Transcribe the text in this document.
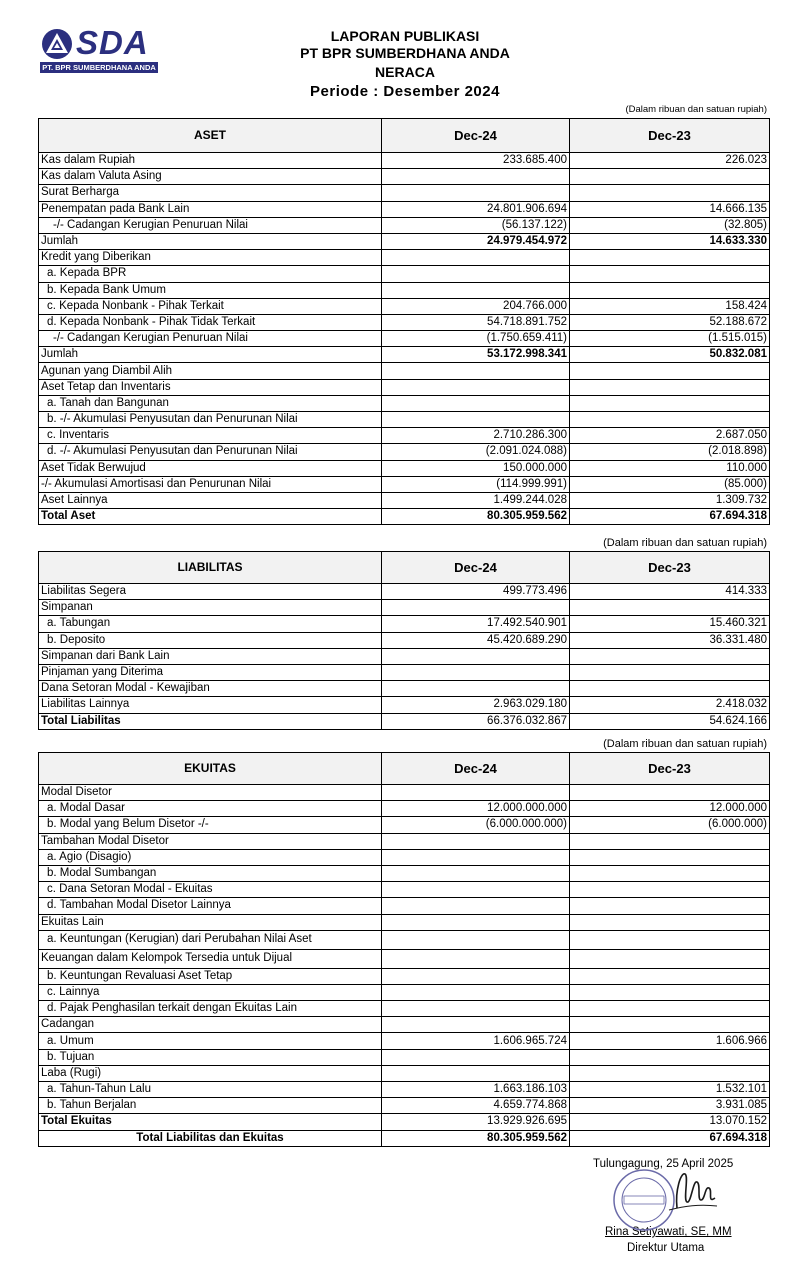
SDA
PT. BPR SUMBERDHANA ANDA
LAPORAN PUBLIKASI
PT BPR SUMBERDHANA ANDA
NERACA
Periode : Desember 2024
(Dalam ribuan dan satuan rupiah)
ASET	Dec-24	Dec-23
Kas dalam Rupiah	233.685.400	226.023
Kas dalam Valuta Asing		
Surat Berharga		
Penempatan pada Bank Lain	24.801.906.694	14.666.135
-/- Cadangan Kerugian Penuruan Nilai	(56.137.122)	(32.805)
Jumlah	24.979.454.972	14.633.330
Kredit yang Diberikan		
a. Kepada BPR		
b. Kepada Bank Umum		
c. Kepada Nonbank - Pihak Terkait	204.766.000	158.424
d. Kepada Nonbank - Pihak Tidak Terkait	54.718.891.752	52.188.672
-/- Cadangan Kerugian Penuruan Nilai	(1.750.659.411)	(1.515.015)
Jumlah	53.172.998.341	50.832.081
Agunan yang Diambil Alih		
Aset Tetap dan Inventaris		
a. Tanah dan Bangunan		
b. -/- Akumulasi Penyusutan dan Penurunan Nilai		
c. Inventaris	2.710.286.300	2.687.050
d. -/- Akumulasi Penyusutan dan Penurunan Nilai	(2.091.024.088)	(2.018.898)
Aset Tidak Berwujud	150.000.000	110.000
-/- Akumulasi Amortisasi dan Penurunan Nilai	(114.999.991)	(85.000)
Aset Lainnya	1.499.244.028	1.309.732
Total Aset	80.305.959.562	67.694.318
(Dalam ribuan dan satuan rupiah)
LIABILITAS	Dec-24	Dec-23
Liabilitas Segera	499.773.496	414.333
Simpanan		
a. Tabungan	17.492.540.901	15.460.321
b. Deposito	45.420.689.290	36.331.480
Simpanan dari Bank Lain		
Pinjaman yang Diterima		
Dana Setoran Modal - Kewajiban		
Liabilitas Lainnya	2.963.029.180	2.418.032
Total Liabilitas	66.376.032.867	54.624.166
(Dalam ribuan dan satuan rupiah)
EKUITAS	Dec-24	Dec-23
Modal Disetor		
a. Modal Dasar	12.000.000.000	12.000.000
b. Modal yang Belum Disetor -/-	(6.000.000.000)	(6.000.000)
Tambahan Modal Disetor		
a. Agio (Disagio)		
b. Modal Sumbangan		
c. Dana Setoran Modal - Ekuitas		
d. Tambahan Modal Disetor Lainnya		
Ekuitas Lain		
a. Keuntungan (Kerugian) dari Perubahan Nilai Aset		
Keuangan dalam Kelompok Tersedia untuk Dijual		
b. Keuntungan Revaluasi Aset Tetap		
c. Lainnya		
d. Pajak Penghasilan terkait dengan Ekuitas Lain		
Cadangan		
a. Umum	1.606.965.724	1.606.966
b. Tujuan		
Laba (Rugi)		
a. Tahun-Tahun Lalu	1.663.186.103	1.532.101
b. Tahun Berjalan	4.659.774.868	3.931.085
Total Ekuitas	13.929.926.695	13.070.152
Total Liabilitas dan Ekuitas	80.305.959.562	67.694.318
Tulungagung, 25 April 2025
Rina Setiyawati, SE, MM
Direktur Utama
